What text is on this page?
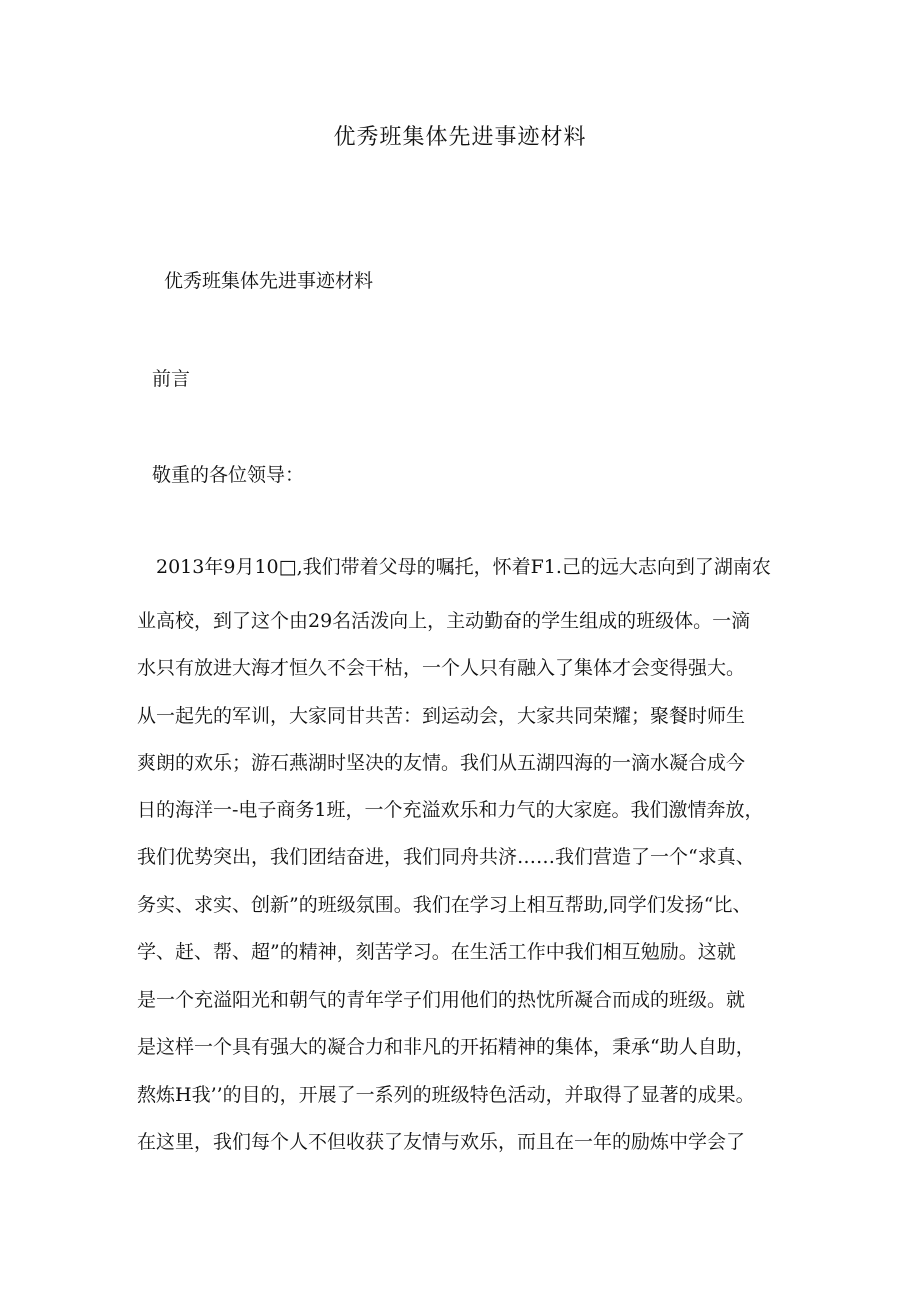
优秀班集体先进事迹材料
优秀班集体先进事迹材料
前言
敬重的各位领导：
　2013年9月10□,我们带着父母的嘱托，怀着F1.己的远大志向到了湖南农
业高校，到了这个由29名活泼向上，主动勤奋的学生组成的班级体。一滴
水只有放进大海才恒久不会干枯，一个人只有融入了集体才会变得强大。
从一起先的军训，大家同甘共苦：到运动会，大家共同荣耀；聚餐时师生
爽朗的欢乐；游石燕湖时坚决的友情。我们从五湖四海的一滴水凝合成今
日的海洋一-电子商务1班，一个充溢欢乐和力气的大家庭。我们激情奔放，
我们优势突出，我们团结奋进，我们同舟共济……我们营造了一个“求真、
务实、求实、创新”的班级氛围。我们在学习上相互帮助,同学们发扬“比、
学、赶、帮、超”的精神，刻苦学习。在生活工作中我们相互勉励。这就
是一个充溢阳光和朝气的青年学子们用他们的热忱所凝合而成的班级。就
是这样一个具有强大的凝合力和非凡的开拓精神的集体，秉承“助人自助，
熬炼H我’’的目的，开展了一系列的班级特色活动，并取得了显著的成果。
在这里，我们每个人不但收获了友情与欢乐，而且在一年的励炼中学会了
